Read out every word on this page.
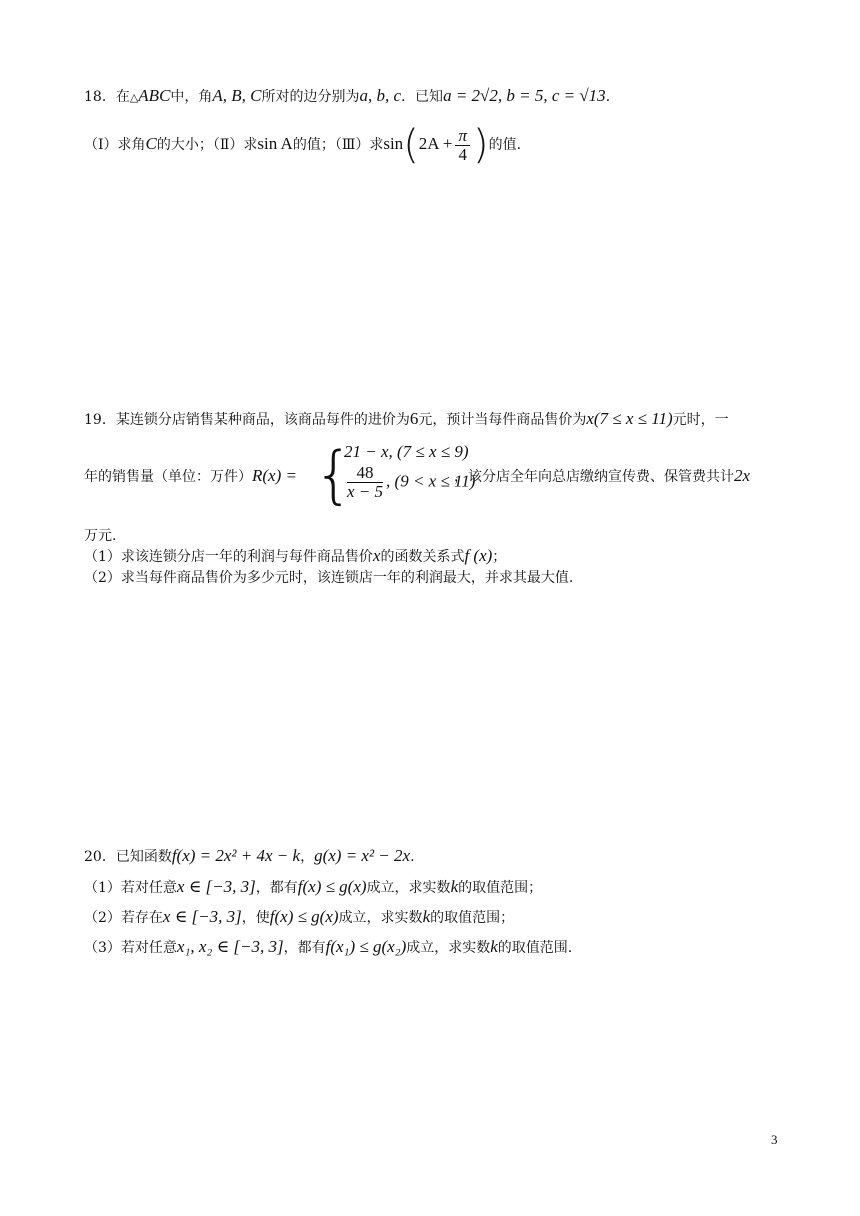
18．在△ABC中，角A, B, C所对的边分别为a, b, c．已知a = 2√2, b = 5, c = √13．
（Ⅰ）求角C的大小；（Ⅱ）求sin A的值；（Ⅲ）求$\sin(2A + \frac{\pi}{4}$ )的值.
19．某连锁分店销售某种商品，该商品每件的进价为6元，预计当每件商品售价为x(7 ≤ x ≤ 11)元时，一
年的销售量（单位：万件）R(x) = {
21 − x, (7 ≤ x ≤ 9)
$\frac{48}{x - 5}$ , (9 < x ≤ 11)
，该分店全年向总店缴纳宣传费、保管费共计2x
万元.
（1）求该连锁分店一年的利润与每件商品售价x的函数关系式f (x)；
（2）求当每件商品售价为多少元时，该连锁店一年的利润最大，并求其最大值.
20．已知函数f(x) = 2x² + 4x − k，g(x) = x² − 2x.
（1）若对任意x ∈ [−3, 3]，都有f(x) ≤ g(x)成立，求实数k的取值范围；
（2）若存在x ∈ [−3, 3]，使f(x) ≤ g(x)成立，求实数k的取值范围；
（3）若对任意x₁, x₂ ∈ [−3, 3]，都有f(x₁) ≤ g(x₂)成立，求实数k的取值范围.
3
